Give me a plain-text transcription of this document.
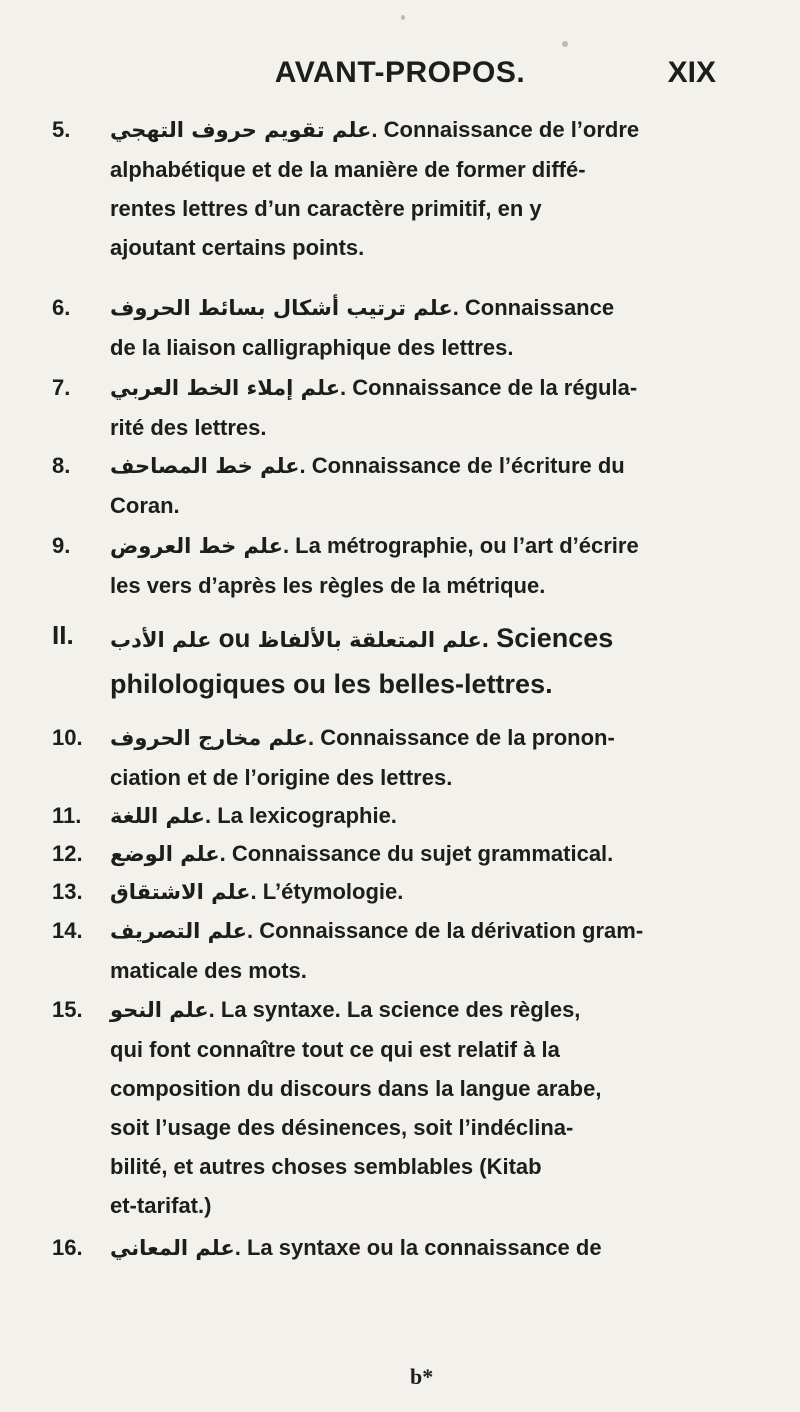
AVANT-PROPOS.	XIX
5. علم تقويم حروف التهجي. Connaissance de l’ordre
alphabétique et de la manière de former diffé-
rentes lettres d’un caractère primitif, en y
ajoutant certains points.
6. علم ترتيب أشكال بسائط الحروف. Connaissance
de la liaison calligraphique des lettres.
7. علم إملاء الخط العربي. Connaissance de la régula-
rité des lettres.
8. علم خط المصاحف. Connaissance de l’écriture du
Coran.
9. علم خط العروض. La métrographie, ou l’art d’écrire
les vers d’après les règles de la métrique.
II. علم الأدب ou علم المتعلقة بالألفاظ. Sciences
philologiques ou les belles-lettres.
10. علم مخارج الحروف. Connaissance de la pronon-
ciation et de l’origine des lettres.
11. علم اللغة. La lexicographie.
12. علم الوضع. Connaissance du sujet grammatical.
13. علم الاشتقاق. L’étymologie.
14. علم التصريف. Connaissance de la dérivation gram-
maticale des mots.
15. علم النحو. La syntaxe. La science des règles,
qui font connaître tout ce qui est relatif à la
composition du discours dans la langue arabe,
soit l’usage des désinences, soit l’indéclina-
bilité, et autres choses semblables (Kitab
et-tarifat.)
16. علم المعاني. La syntaxe ou la connaissance de
b*
